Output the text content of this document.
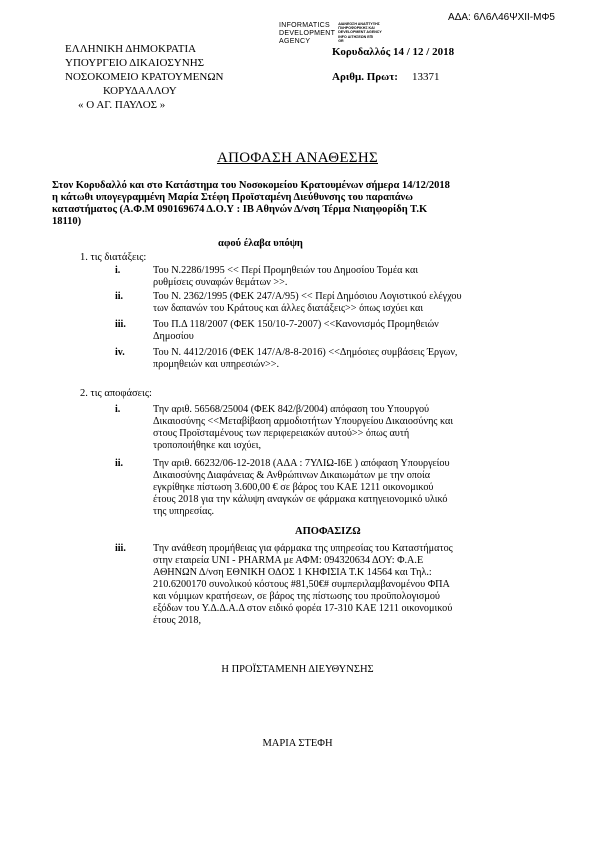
ΑΔΑ: 6Λ6Λ46ΨΧΙΙ-ΜΦ5
INFORMATICS
DEVELOPMENT
AGENCY
ΔΙΑΝΕΟΣΗ ΑΝΑΠΤΥΞΗΣ
ΠΛΗΡΟΦΟΡΙΚΗΣ ΚΑΙ
DEVELOPMENT AGENCY
INFO ΑΙΤΗΣΕΩΝ ΕΠΙ
GR
ΕΛΛΗΝΙΚΗ ΔΗΜΟΚΡΑΤΙΑ
ΥΠΟΥΡΓΕΙΟ ΔΙΚΑΙΟΣΥΝΗΣ
ΝΟΣΟΚΟΜΕΙΟ ΚΡΑΤΟΥΜΕΝΩΝ
ΚΟΡΥΔΑΛΛΟΥ
« Ο ΑΓ. ΠΑΥΛΟΣ »
Κορυδαλλός 14 / 12 / 2018
Αριθμ. Πρωτ: 13371
ΑΠΟΦΑΣΗ ΑΝΑΘΕΣΗΣ
Στον Κορυδαλλό και στο Κατάστημα του Νοσοκομείου Κρατουμένων σήμερα 14/12/2018
η κάτωθι υπογεγραμμένη Μαρία Στέφη Προϊσταμένη Διεύθυνσης του παραπάνω
καταστήματος (Α.Φ.Μ 090169674 Δ.Ο.Υ : ΙΒ Αθηνών Δ/νση Τέρμα Νιαηφορίδη Τ.Κ
18110)
αφού έλαβα υπόψη
1. τις διατάξεις:
i.	Του Ν.2286/1995 << Περί Προμηθειών του Δημοσίου Τομέα και
ρυθμίσεις συναφών θεμάτων >>.
ii.	Του Ν. 2362/1995 (ΦΕΚ 247/Α/95) << Περί Δημόσιου Λογιστικού ελέγχου
των δαπανών του Κράτους και άλλες διατάξεις>> όπως ισχύει και
iii.	Του Π.Δ 118/2007 (ΦΕΚ 150/10-7-2007) <<Κανονισμός Προμηθειών
Δημοσίου
iv.	Του Ν. 4412/2016 (ΦΕΚ 147/Α/8-8-2016) <<Δημόσιες συμβάσεις Έργων,
προμηθειών και υπηρεσιών>>.
2. τις αποφάσεις:
i.	Την αριθ. 56568/25004 (ΦΕΚ 842/β/2004) απόφαση του Υπουργού
Δικαιοσύνης <<Μεταβίβαση αρμοδιοτήτων Υπουργείου Δικαιοσύνης και
στους Προϊσταμένους των περιφερειακών αυτού>> όπως αυτή
τροποποιήθηκε και ισχύει,
ii.	Την αριθ. 66232/06-12-2018 (ΑΔΑ : 7ΥΛΙΩ-Ι6Ε ) απόφαση Υπουργείου
Δικαιοσύνης Διαφάνειας & Ανθρώπινων Δικαιωμάτων με την οποία
εγκρίθηκε πίστωση 3.600,00 € σε βάρος του ΚΑΕ 1211 οικονομικού
έτους 2018 για την κάλυψη αναγκών σε φάρμακα κατηγειονομικό υλικό
της υπηρεσίας.
ΑΠΟΦΑΣΙΖΩ
iii.	Την ανάθεση προμήθειας για φάρμακα της υπηρεσίας του Καταστήματος
στην εταιρεία UNI - PHARMA με ΑΦΜ: 094320634 ΔΟΥ: Φ.Α.Ε
ΑΘΗΝΩΝ Δ/νση ΕΘΝΙΚΗ ΟΔΟΣ 1 ΚΗΦΙΣΙΑ Τ.Κ 14564 και Τηλ.:
210.6200170 συνολικού κόστους #81,50€# συμπεριλαμβανομένου ΦΠΑ
και νόμιμων κρατήσεων, σε βάρος της πίστωσης του προϋπολογισμού
εξόδων του Υ.Δ.Δ.Α.Δ στον ειδικό φορέα 17-310 ΚΑΕ 1211 οικονομικού
έτους 2018,
Η ΠΡΟΪΣΤΑΜΕΝΗ ΔΙΕΥΘΥΝΣΗΣ
ΜΑΡΙΑ ΣΤΕΦΗ
